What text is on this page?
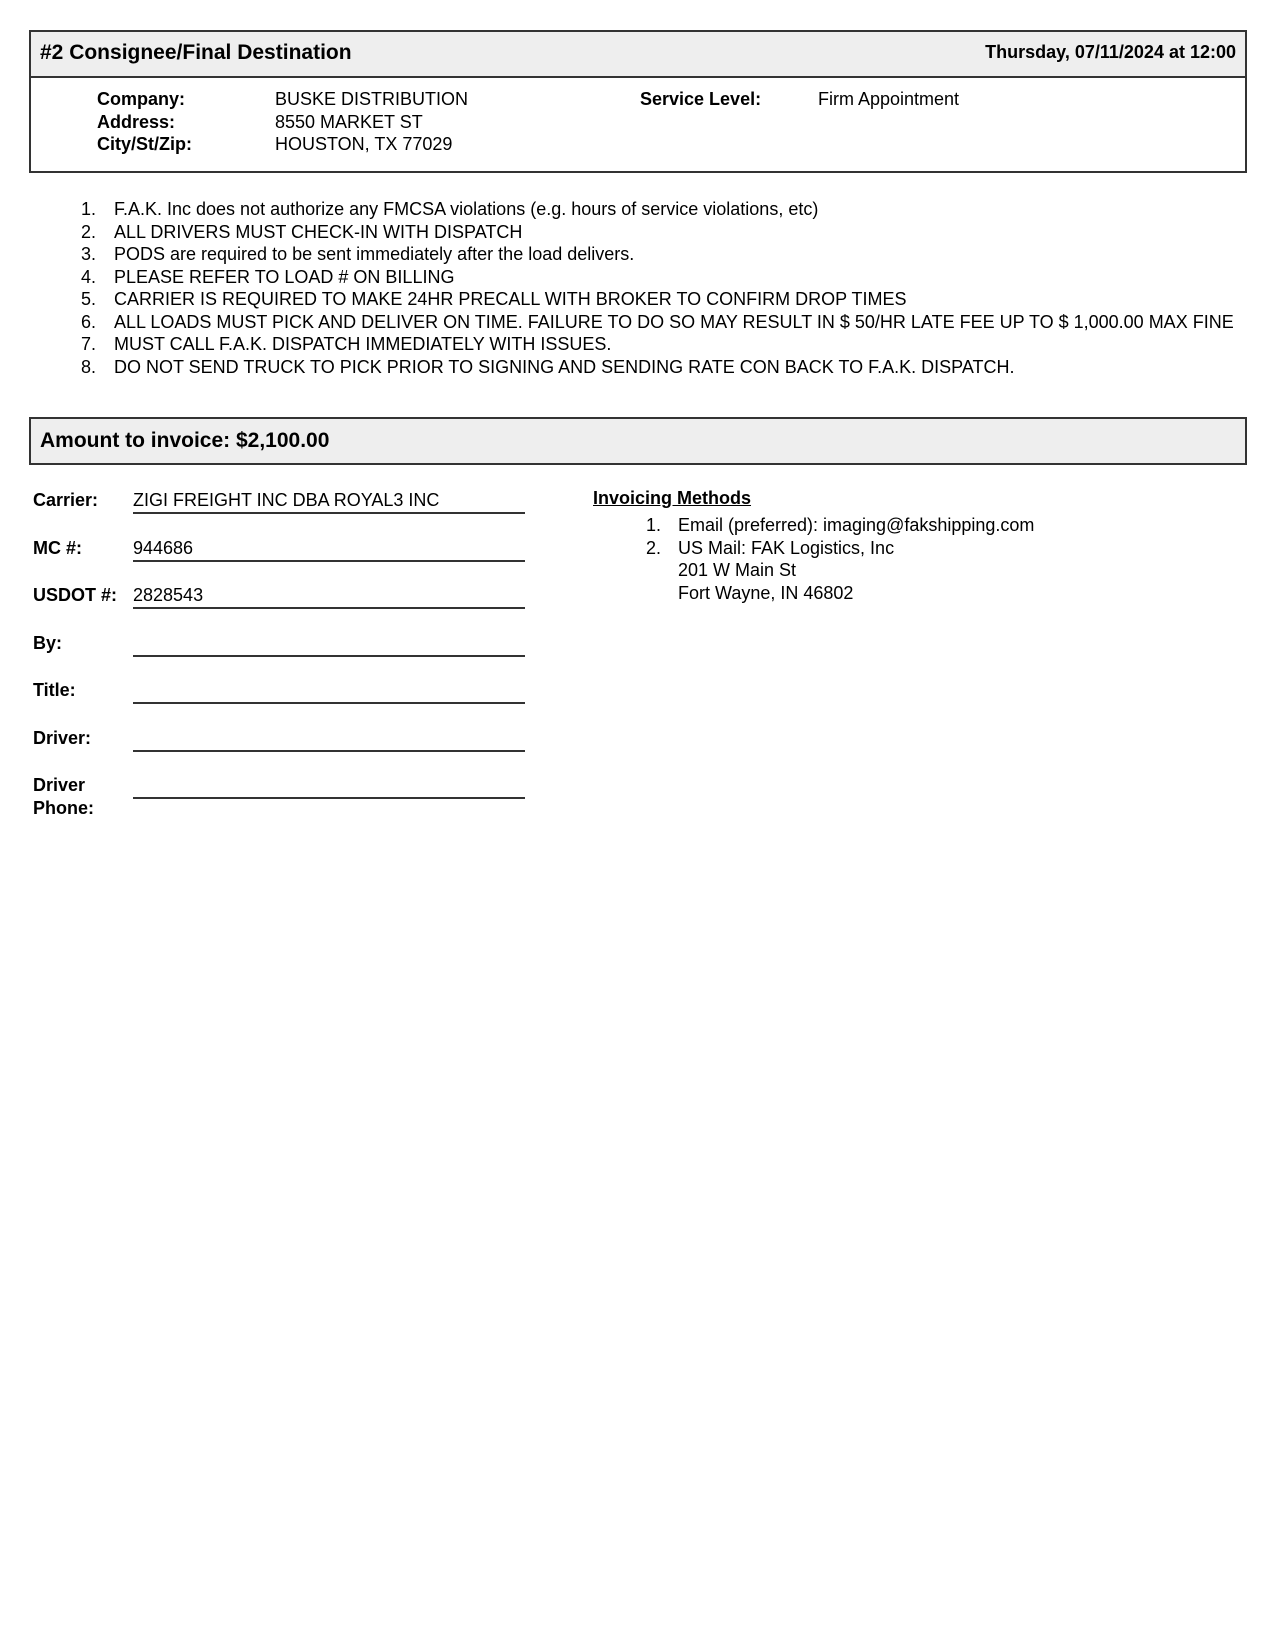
#2 Consignee/Final Destination	Thursday, 07/11/2024 at 12:00
Company:	BUSKE DISTRIBUTION
Address:	8550 MARKET ST
City/St/Zip:	HOUSTON, TX 77029
Service Level:	Firm Appointment
1. F.A.K. Inc does not authorize any FMCSA violations (e.g. hours of service violations, etc)
2. ALL DRIVERS MUST CHECK-IN WITH DISPATCH
3. PODS are required to be sent immediately after the load delivers.
4. PLEASE REFER TO LOAD # ON BILLING
5. CARRIER IS REQUIRED TO MAKE 24HR PRECALL WITH BROKER TO CONFIRM DROP TIMES
6. ALL LOADS MUST PICK AND DELIVER ON TIME. FAILURE TO DO SO MAY RESULT IN $ 50/HR LATE FEE UP TO $ 1,000.00 MAX FINE
7. MUST CALL F.A.K. DISPATCH IMMEDIATELY WITH ISSUES.
8. DO NOT SEND TRUCK TO PICK PRIOR TO SIGNING AND SENDING RATE CON BACK TO F.A.K. DISPATCH.
Amount to invoice: $2,100.00
Carrier: ZIGI FREIGHT INC DBA ROYAL3 INC
MC #:	944686
USDOT #: 2828543
By:
Title:
Driver:
Driver
Phone:
Invoicing Methods
1. Email (preferred): imaging@fakshipping.com
2. US Mail: FAK Logistics, Inc
201 W Main St
Fort Wayne, IN 46802
